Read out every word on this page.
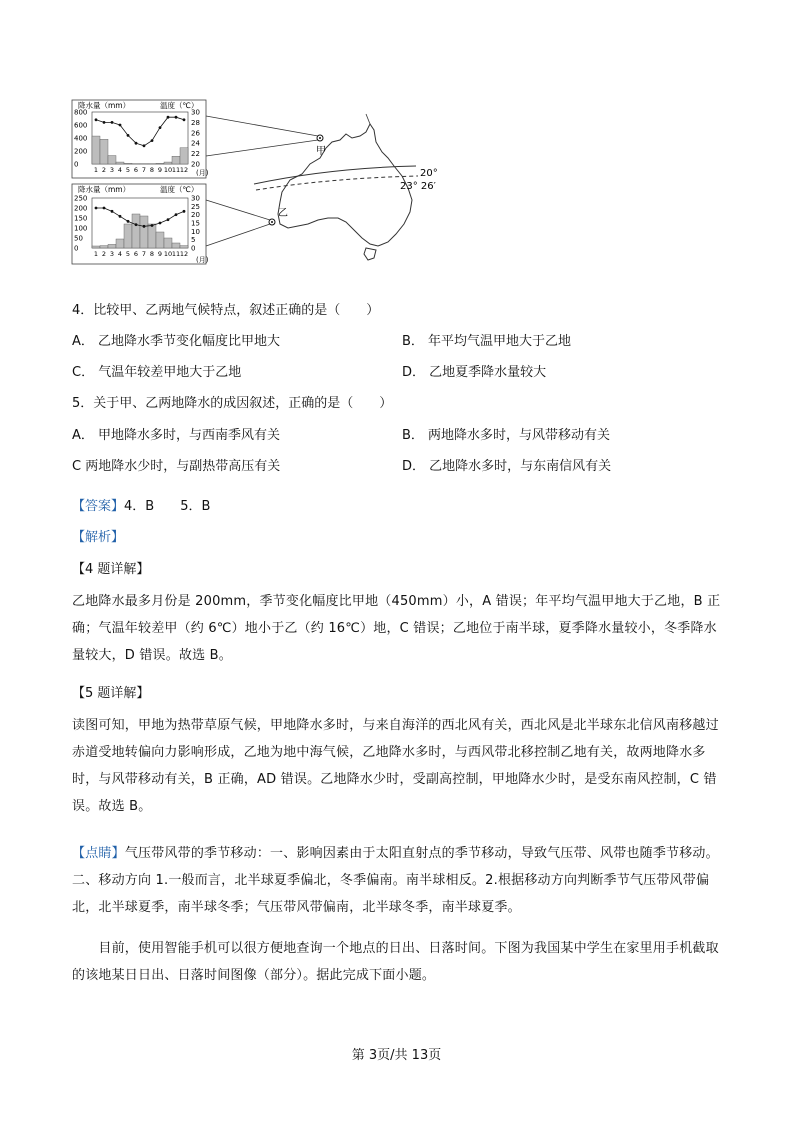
降水量（mm）	温度（℃）
800
600
400
200
0
30
28
26
24
22
20
1 2 3 4 5 6 7 8 9 10 11 12 (月)
降水量（mm）	温度（℃）
250
200
150
100
50
0
30
25
20
15
10
5
0
1 2 3 4 5 6 7 8 9 10 11 12
(月)
甲
乙
20°
23° 26′
4．比较甲、乙两地气候特点，叙述正确的是（　　）
A． 乙地降水季节变化幅度比甲地大	B． 年平均气温甲地大于乙地
C． 气温年较差甲地大于乙地	D． 乙地夏季降水量较大
5．关于甲、乙两地降水的成因叙述，正确的是（　　）
A． 甲地降水多时，与西南季风有关	B． 两地降水多时，与风带移动有关
C 两地降水少时，与副热带高压有关	D． 乙地降水多时，与东南信风有关
【答案】4．B　　5．B
【解析】
【4 题详解】
乙地降水最多月份是 200mm，季节变化幅度比甲地（450mm）小，A 错误；年平均气温甲地大于乙地，B 正确；气温年较差甲（约 6℃）地小于乙（约 16℃）地，C 错误；乙地位于南半球，夏季降水量较小，冬季降水量较大，D 错误。故选 B。
【5 题详解】
读图可知，甲地为热带草原气候，甲地降水多时，与来自海洋的西北风有关，西北风是北半球东北信风南移越过赤道受地转偏向力影响形成，乙地为地中海气候，乙地降水多时，与西风带北移控制乙地有关，故两地降水多时，与风带移动有关，B 正确，AD 错误。乙地降水少时，受副高控制，甲地降水少时，是受东南风控制，C 错误。故选 B。
【点睛】气压带风带的季节移动：一、影响因素由于太阳直射点的季节移动，导致气压带、风带也随季节移动。二、移动方向 1.一般而言，北半球夏季偏北，冬季偏南。南半球相反。2.根据移动方向判断季节气压带风带偏北，北半球夏季，南半球冬季；气压带风带偏南，北半球冬季，南半球夏季。
　　目前，使用智能手机可以很方便地查询一个地点的日出、日落时间。下图为我国某中学生在家里用手机截取的该地某日日出、日落时间图像（部分）。据此完成下面小题。
第 3页/共 13页
